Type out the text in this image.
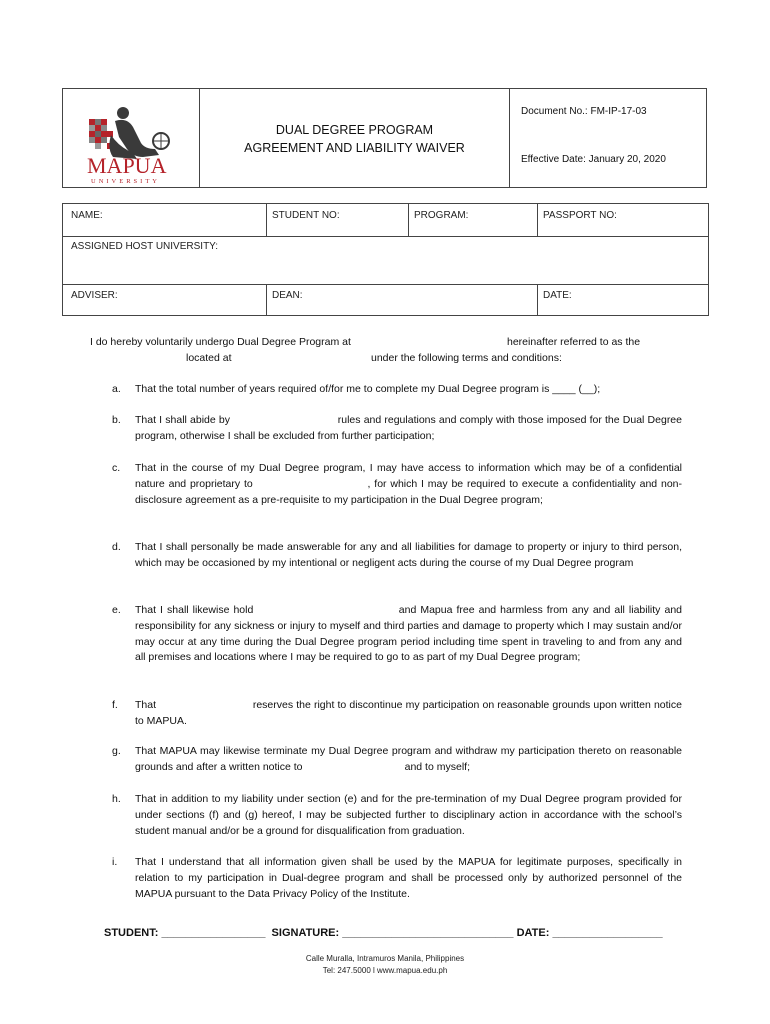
MAPUA
UNIVERSITY
DUAL DEGREE PROGRAM
AGREEMENT AND LIABILITY WAIVER
Document No.: FM-IP-17-03
Effective Date: January 20, 2020
NAME:	STUDENT NO:	PROGRAM:	PASSPORT NO:
ASSIGNED HOST UNIVERSITY:
ADVISER:	DEAN:	DATE:
I do hereby voluntarily undergo Dual Degree Program at	hereinafter referred to as the
located at	under the following terms and conditions:
a.	That the total number of years required of/for me to complete my Dual Degree program is ____ (__);
b.	That I shall abide by                                  rules and regulations and comply with those imposed for the Dual Degree program, otherwise I shall be excluded from further participation;
c.	That in the course of my Dual Degree program, I may have access to information which may be of a confidential nature and proprietary to                              , for which I may be required to execute a confidentiality and non-disclosure agreement as a pre-requisite to my participation in the Dual Degree program;
d.	That I shall personally be made answerable for any and all liabilities for damage to property or injury to third person, which may be occasioned by my intentional or negligent acts during the course of my Dual Degree program
e.	That I shall likewise hold                                    and Mapua free and harmless from any and all liability and responsibility for any sickness or injury to myself and third parties and damage to property which I may sustain and/or may occur at any time during the Dual Degree program period including time spent in traveling to and from any and all premises and locations where I may be required to go to as part of my Dual Degree program;
f.	That                               reserves the right to discontinue my participation on reasonable grounds upon written notice to MAPUA.
g.	That MAPUA may likewise terminate my Dual Degree program and withdraw my participation thereto on reasonable grounds and after a written notice to                                   and to myself;
h.	That in addition to my liability under section (e) and for the pre-termination of my Dual Degree program provided for under sections (f) and (g) hereof, I may be subjected further to disciplinary action in accordance with the school’s student manual and/or be a ground for disqualification from graduation.
i.	That I understand that all information given shall be used by the MAPUA for legitimate purposes, specifically in relation to my participation in Dual-degree program and shall be processed only by authorized personnel of the MAPUA pursuant to the Data Privacy Policy of the Institute.
STUDENT: _________________  SIGNATURE: ____________________________ DATE: __________________
Calle Muralla, Intramuros Manila, Philippines
Tel: 247.5000 l www.mapua.edu.ph
